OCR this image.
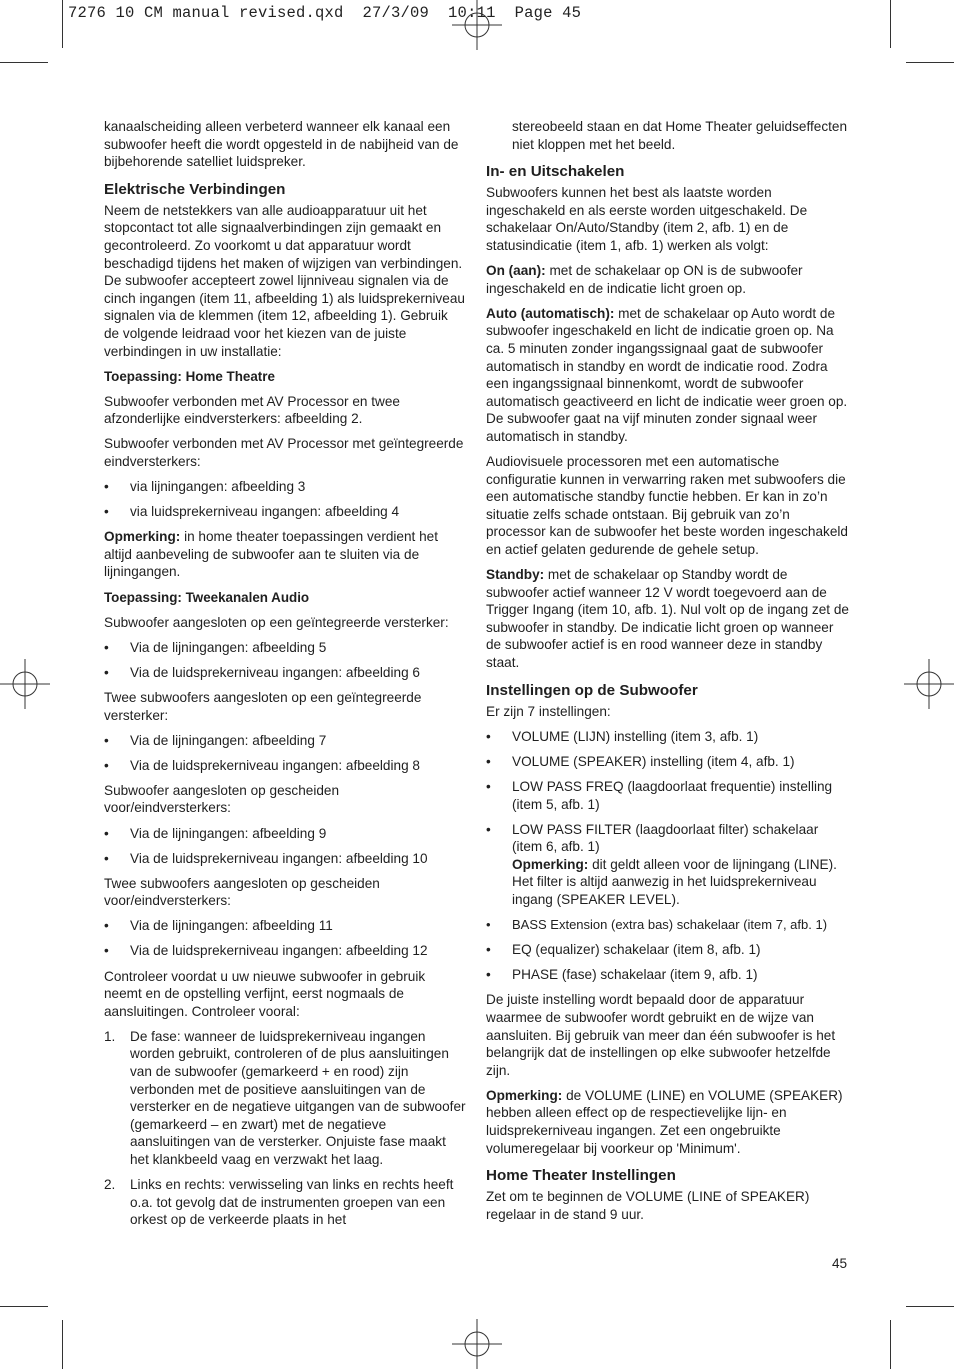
7276 10 CM manual revised.qxd  27/3/09  10:11  Page 45

kanaalscheiding alleen verbeterd wanneer elk kanaal een subwoofer heeft die wordt opgesteld in de nabijheid van de bijbehorende satelliet luidspreker.

Elektrische Verbindingen

Neem de netstekkers van alle audioapparatuur uit het stopcontact tot alle signaalverbindingen zijn gemaakt en gecontroleerd. Zo voorkomt u dat apparatuur wordt beschadigd tijdens het maken of wijzigen van verbindingen. De subwoofer accepteert zowel lijnniveau signalen via de cinch ingangen (item 11, afbeelding 1) als luidsprekerniveau signalen via de klemmen (item 12, afbeelding 1). Gebruik de volgende leidraad voor het kiezen van de juiste verbindingen in uw installatie:

Toepassing: Home Theatre

Subwoofer verbonden met AV Processor en twee afzonderlijke eindversterkers: afbeelding 2.

Subwoofer verbonden met AV Processor met geïntegreerde eindversterkers:

• via lijningangen: afbeelding 3
• via luidsprekerniveau ingangen: afbeelding 4

Opmerking: in home theater toepassingen verdient het altijd aanbeveling de subwoofer aan te sluiten via de lijningangen.

Toepassing: Tweekanalen Audio

Subwoofer aangesloten op een geïntegreerde versterker:

• Via de lijningangen: afbeelding 5
• Via de luidsprekerniveau ingangen: afbeelding 6

Twee subwoofers aangesloten op een geïntegreerde versterker:

• Via de lijningangen: afbeelding 7
• Via de luidsprekerniveau ingangen: afbeelding 8

Subwoofer aangesloten op gescheiden voor/eindversterkers:

• Via de lijningangen: afbeelding 9
• Via de luidsprekerniveau ingangen: afbeelding 10

Twee subwoofers aangesloten op gescheiden voor/eindversterkers:

• Via de lijningangen: afbeelding 11
• Via de luidsprekerniveau ingangen: afbeelding 12

Controleer voordat u uw nieuwe subwoofer in gebruik neemt en de opstelling verfijnt, eerst nogmaals de aansluitingen. Controleer vooral:

1. De fase: wanneer de luidsprekerniveau ingangen worden gebruikt, controleren of de plus aansluitingen van de subwoofer (gemarkeerd + en rood) zijn verbonden met de positieve aansluitingen van de versterker en de negatieve uitgangen van de subwoofer (gemarkeerd – en zwart) met de negatieve aansluitingen van de versterker. Onjuiste fase maakt het klankbeeld vaag en verzwakt het laag.
2. Links en rechts: verwisseling van links en rechts heeft o.a. tot gevolg dat de instrumenten groepen van een orkest op de verkeerde plaats in het

stereobeeld staan en dat Home Theater geluidseffecten niet kloppen met het beeld.

In- en Uitschakelen

Subwoofers kunnen het best als laatste worden ingeschakeld en als eerste worden uitgeschakeld. De schakelaar On/Auto/Standby (item 2, afb. 1) en de statusindicatie (item 1, afb. 1) werken als volgt:

On (aan): met de schakelaar op ON is de subwoofer ingeschakeld en de indicatie licht groen op.

Auto (automatisch): met de schakelaar op Auto wordt de subwoofer ingeschakeld en licht de indicatie groen op. Na ca. 5 minuten zonder ingangssignaal gaat de subwoofer automatisch in standby en wordt de indicatie rood. Zodra een ingangssignaal binnenkomt, wordt de subwoofer automatisch geactiveerd en licht de indicatie weer groen op. De subwoofer gaat na vijf minuten zonder signaal weer automatisch in standby.

Audiovisuele processoren met een automatische configuratie kunnen in verwarring raken met subwoofers die een automatische standby functie hebben. Er kan in zo’n situatie zelfs schade ontstaan. Bij gebruik van zo’n processor kan de subwoofer het beste worden ingeschakeld en actief gelaten gedurende de gehele setup.

Standby: met de schakelaar op Standby wordt de subwoofer actief wanneer 12 V wordt toegevoerd aan de Trigger Ingang (item 10, afb. 1). Nul volt op de ingang zet de subwoofer in standby. De indicatie licht groen op wanneer de subwoofer actief is en rood wanneer deze in standby staat.

Instellingen op de Subwoofer

Er zijn 7 instellingen:

• VOLUME (LIJN) instelling (item 3, afb. 1)
• VOLUME (SPEAKER) instelling (item 4, afb. 1)
• LOW PASS FREQ (laagdoorlaat frequentie) instelling (item 5, afb. 1)
• LOW PASS FILTER (laagdoorlaat filter) schakelaar (item 6, afb. 1)
Opmerking: dit geldt alleen voor de lijningang (LINE). Het filter is altijd aanwezig in het luidsprekerniveau ingang (SPEAKER LEVEL).
• BASS Extension (extra bas) schakelaar (item 7, afb. 1)
• EQ (equalizer) schakelaar (item 8, afb. 1)
• PHASE (fase) schakelaar (item 9, afb. 1)

De juiste instelling wordt bepaald door de apparatuur waarmee de subwoofer wordt gebruikt en de wijze van aansluiten. Bij gebruik van meer dan één subwoofer is het belangrijk dat de instellingen op elke subwoofer hetzelfde zijn.

Opmerking: de VOLUME (LINE) en VOLUME (SPEAKER) hebben alleen effect op de respectievelijke lijn- en luidsprekerniveau ingangen. Zet een ongebruikte volumeregelaar bij voorkeur op 'Minimum'.

Home Theater Instellingen

Zet om te beginnen de VOLUME (LINE of SPEAKER) regelaar in de stand 9 uur.

45
